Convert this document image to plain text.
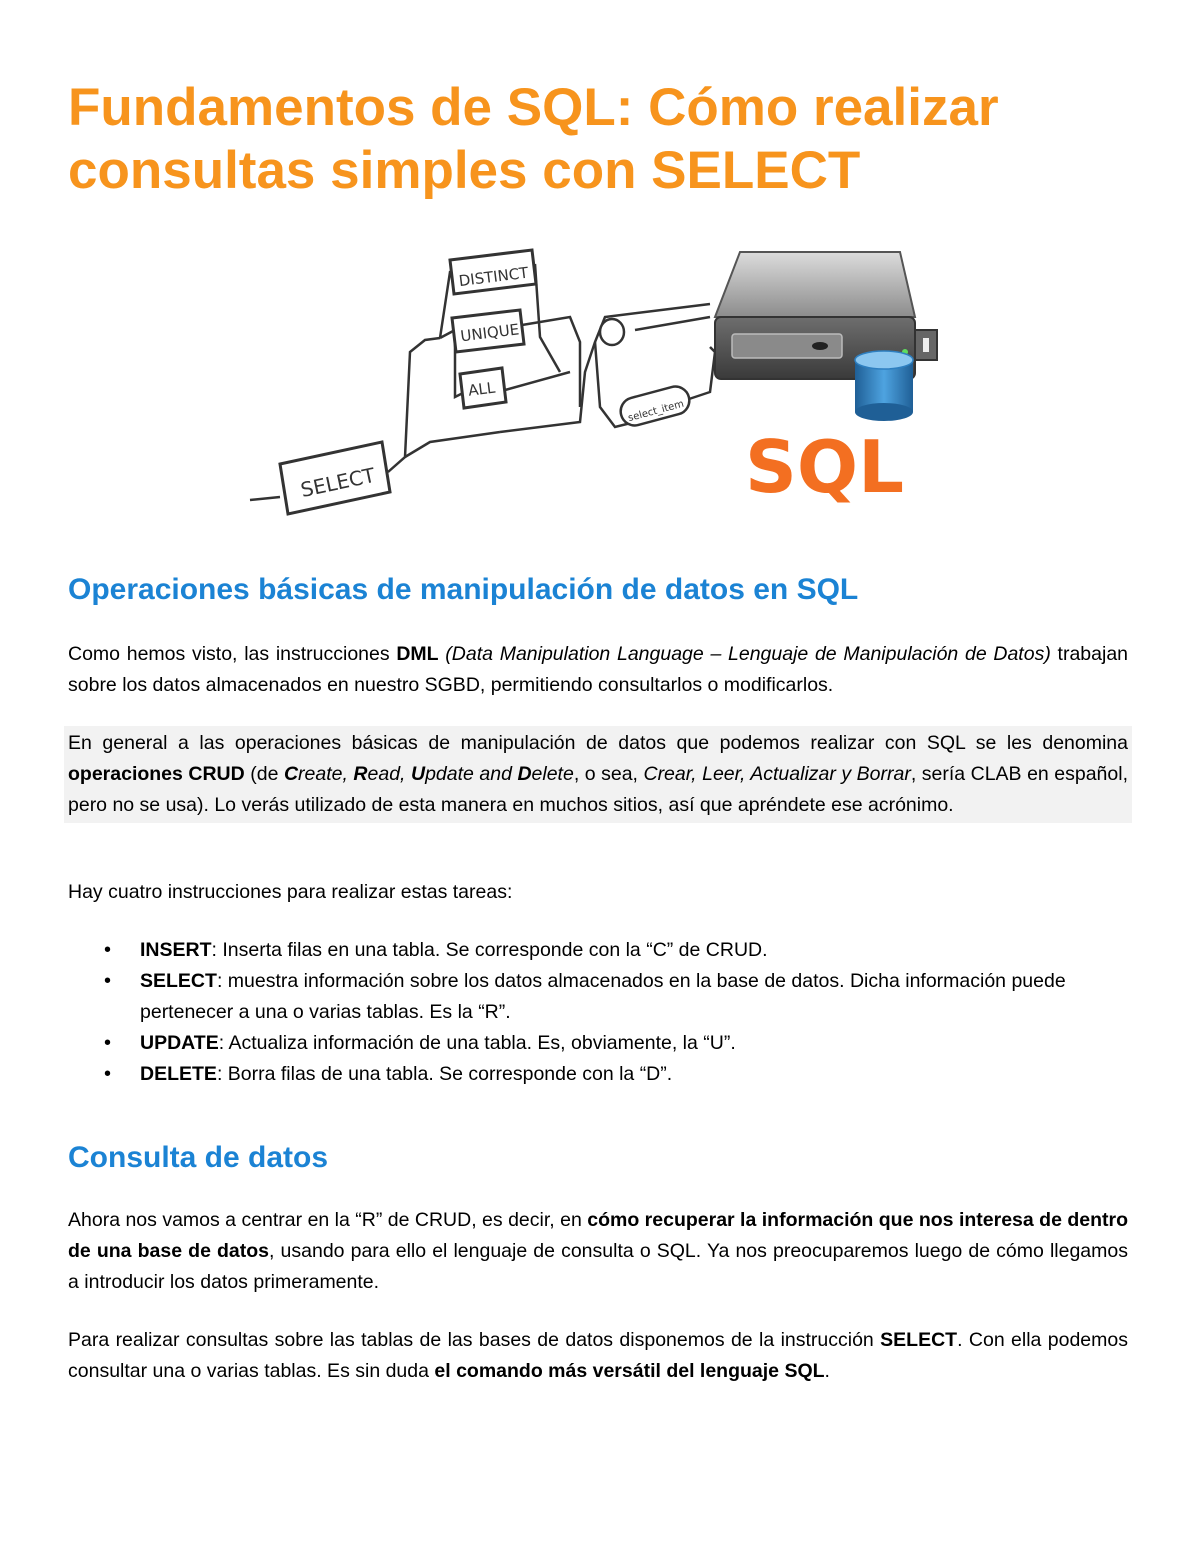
Fundamentos de SQL: Cómo realizar consultas simples con SELECT
SELECT
DISTINCT
UNIQUE
ALL
select_item
SQL
Operaciones básicas de manipulación de datos en SQL

Como hemos visto, las instrucciones DML (Data Manipulation Language – Lenguaje de Manipulación de Datos) trabajan sobre los datos almacenados en nuestro SGBD, permitiendo consultarlos o modificarlos.

En general a las operaciones básicas de manipulación de datos que podemos realizar con SQL se les denomina operaciones CRUD (de Create, Read, Update and Delete, o sea, Crear, Leer, Actualizar y Borrar, sería CLAB en español, pero no se usa). Lo verás utilizado de esta manera en muchos sitios, así que apréndete ese acrónimo.

Hay cuatro instrucciones para realizar estas tareas:

• INSERT: Inserta filas en una tabla. Se corresponde con la “C” de CRUD.
• SELECT: muestra información sobre los datos almacenados en la base de datos. Dicha información puede pertenecer a una o varias tablas. Es la “R”.
• UPDATE: Actualiza información de una tabla. Es, obviamente, la “U”.
• DELETE: Borra filas de una tabla. Se corresponde con la “D”.
Consulta de datos

Ahora nos vamos a centrar en la “R” de CRUD, es decir, en cómo recuperar la información que nos interesa de dentro de una base de datos, usando para ello el lenguaje de consulta o SQL. Ya nos preocuparemos luego de cómo llegamos a introducir los datos primeramente.

Para realizar consultas sobre las tablas de las bases de datos disponemos de la instrucción SELECT. Con ella podemos consultar una o varias tablas. Es sin duda el comando más versátil del lenguaje SQL.
